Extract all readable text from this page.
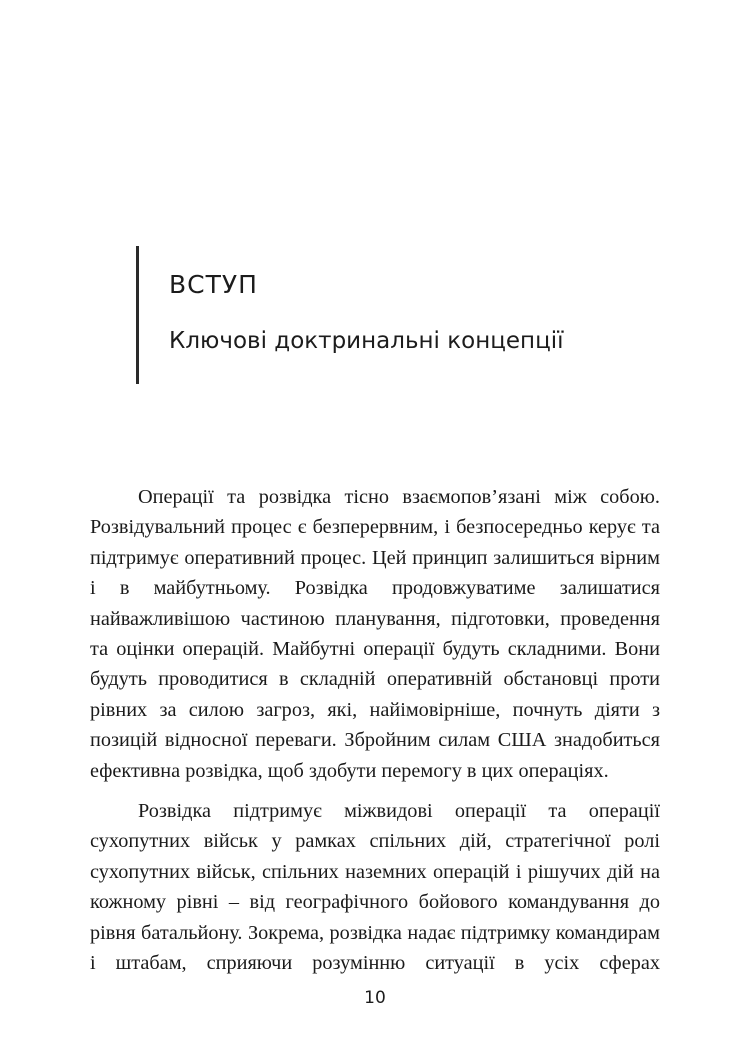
ВСТУП
Ключові доктринальні концепції

Операції та розвідка тісно взаємопов’язані між собою. Розвідувальний процес є безперервним, і безпосередньо керує та підтримує оперативний процес. Цей принцип залишиться вірним і в майбутньому. Розвідка продовжуватиме залишатися найважливішою частиною планування, підготовки, проведення та оцінки операцій. Майбутні операції будуть складними. Вони будуть проводитися в складній оперативній обстановці проти рівних за силою загроз, які, найімовірніше, почнуть діяти з позицій відносної переваги. Збройним силам США знадобиться ефективна розвідка, щоб здобути перемогу в цих операціях.

Розвідка підтримує міжвидові операції та операції сухопутних військ у рамках спільних дій, стратегічної ролі сухопутних військ, спільних наземних операцій і рішучих дій на кожному рівні – від географічного бойового командування до рівня батальйону. Зокрема, розвідка надає підтримку командирам і штабам, сприяючи розумінню ситуації в усіх сферах

10
